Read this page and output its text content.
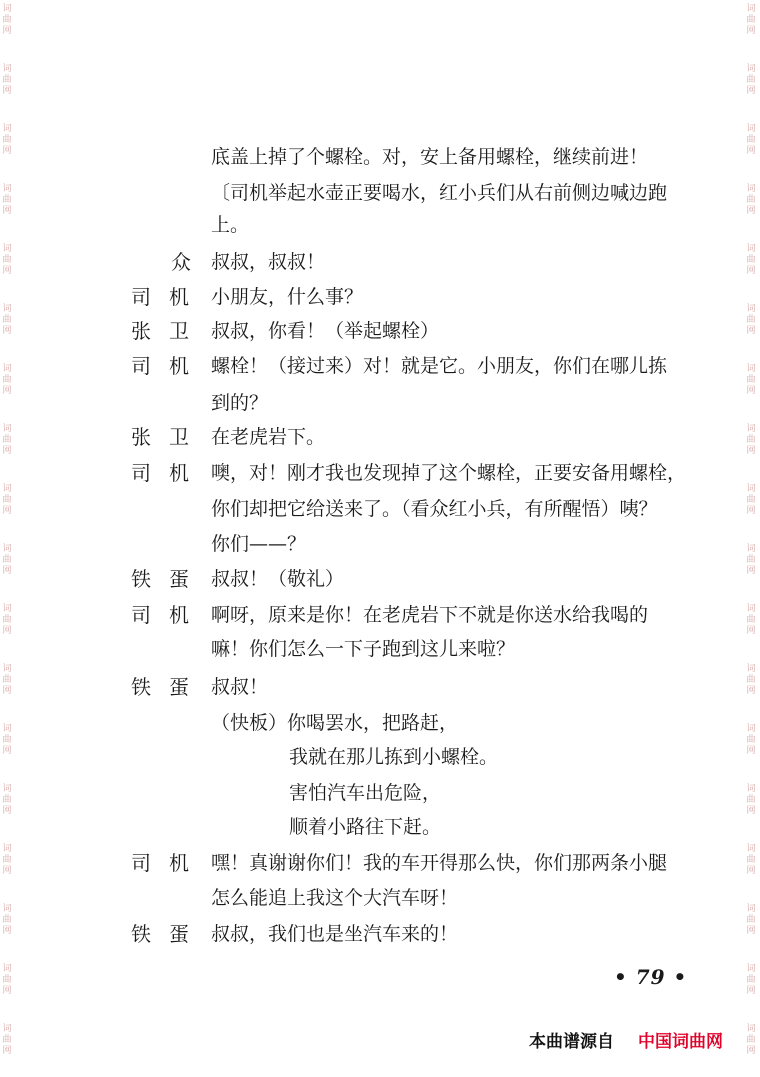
词
曲
网
词
曲
网
词
曲
网
词
曲
网
词
曲
网
词
曲
网
词
曲
网
词
曲
网
词
曲
网
词
曲
网
词
曲
网
词
曲
网
词
曲
网
词
曲
网
词
曲
网
词
曲
网
词
曲
网
词
曲
网
词
曲
网
词
曲
网
词
曲
网
词
曲
网
词
曲
网
词
曲
网
词
曲
网
词
曲
网
词
曲
网
词
曲
网
词
曲
网
词
曲
网
词
曲
网
词
曲
网
词
曲
网
词
曲
网
词
曲
网
词
曲
网
底盖上掉了个螺栓。对，安上备用螺栓，继续前进！
〔司机举起水壶正要喝水，红小兵们从右前侧边喊边跑
上。
众 叔叔，叔叔！
司机 小朋友，什么事？
张卫 叔叔，你看！（举起螺栓）
司机 螺栓！（接过来）对！就是它。小朋友，你们在哪儿拣
到的？
张卫 在老虎岩下。
司机 噢，对！刚才我也发现掉了这个螺栓，正要安备用螺栓，
你们却把它给送来了。（看众红小兵，有所醒悟）咦？
你们——？
铁蛋 叔叔！（敬礼）
司机 啊呀，原来是你！在老虎岩下不就是你送水给我喝的
嘛！你们怎么一下子跑到这儿来啦？
铁蛋 叔叔！
（快板）你喝罢水，把路赶，
我就在那儿拣到小螺栓。
害怕汽车出危险，
顺着小路往下赶。
司机 嘿！真谢谢你们！我的车开得那么快，你们那两条小腿
怎么能追上我这个大汽车呀！
铁蛋 叔叔，我们也是坐汽车来的！
• 79 •
本曲谱源自 中国词曲网
